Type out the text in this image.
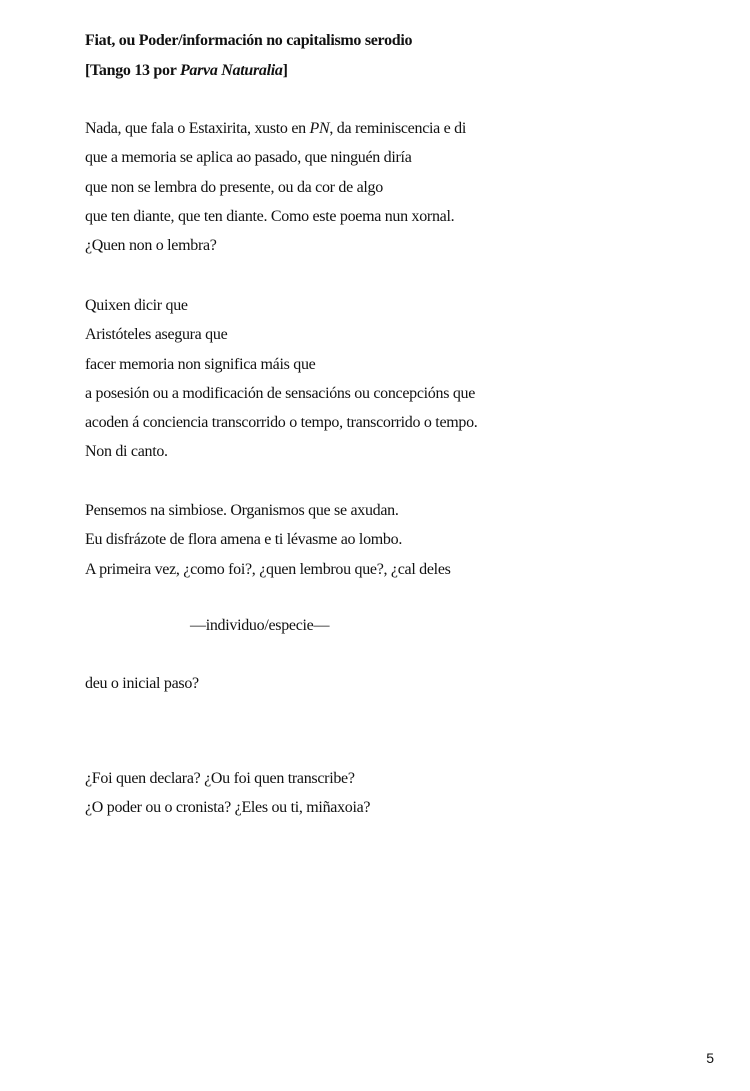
Fiat, ou Poder/información no capitalismo serodio
[Tango 13 por Parva Naturalia]
Nada, que fala o Estaxirita, xusto en PN, da reminiscencia e di
que a memoria se aplica ao pasado, que ninguén diría
que non se lembra do presente, ou da cor de algo
que ten diante, que ten diante. Como este poema nun xornal.
¿Quen non o lembra?
Quixen dicir que
Aristóteles asegura que
facer memoria non significa máis que
a posesión ou a modificación de sensacións ou concepcións que
acoden á conciencia transcorrido o tempo, transcorrido o tempo.
Non di canto.
Pensemos na simbiose. Organismos que se axudan.
Eu disfrázote de flora amena e ti lévasme ao lombo.
A primeira vez, ¿como foi?, ¿quen lembrou que?, ¿cal deles
—individuo/especie—
deu o inicial paso?
¿Foi quen declara? ¿Ou foi quen transcribe?
¿O poder ou o cronista? ¿Eles ou ti, miñaxoia?
5
